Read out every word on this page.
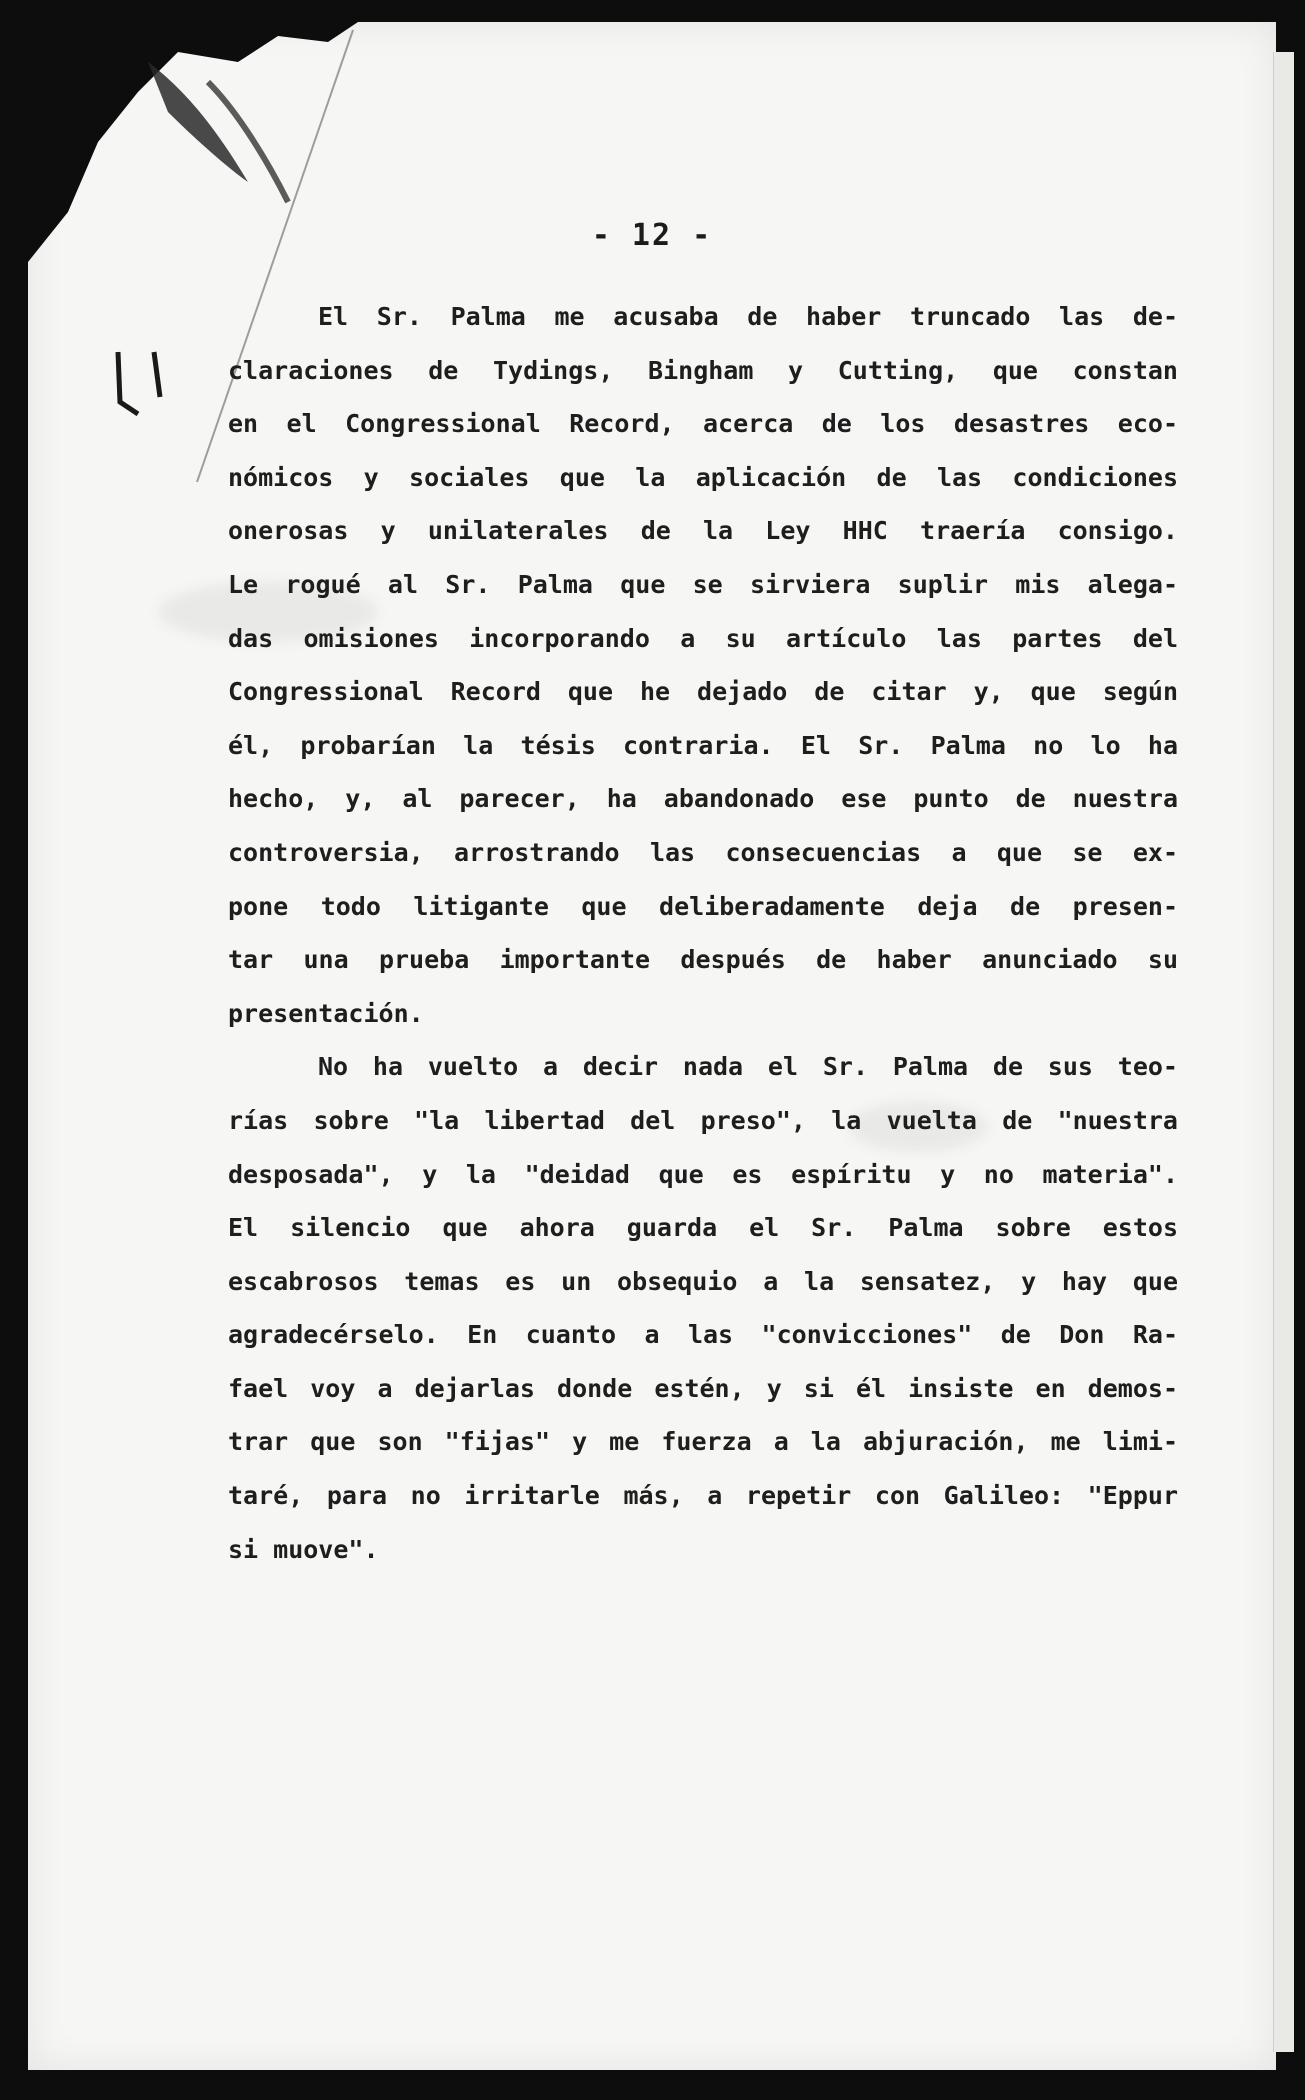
- 12 -
El Sr. Palma me acusaba de haber truncado las de-
claraciones de Tydings, Bingham y Cutting, que constan
en el Congressional Record, acerca de los desastres eco-
nómicos y sociales que la aplicación de las condiciones
onerosas y unilaterales de la Ley HHC traería consigo.
Le rogué al Sr. Palma que se sirviera suplir mis alega-
das omisiones incorporando a su artículo las partes del
Congressional Record que he dejado de citar y, que según
él, probarían la tésis contraria. El Sr. Palma no lo ha
hecho, y, al parecer, ha abandonado ese punto de nuestra
controversia, arrostrando las consecuencias a que se ex-
pone todo litigante que deliberadamente deja de presen-
tar una prueba importante después de haber anunciado su
presentación.
No ha vuelto a decir nada el Sr. Palma de sus teo-
rías sobre "la libertad del preso", la vuelta de "nuestra
desposada", y la "deidad que es espíritu y no materia".
El silencio que ahora guarda el Sr. Palma sobre estos
escabrosos temas es un obsequio a la sensatez, y hay que
agradecérselo. En cuanto a las "convicciones" de Don Ra-
fael voy a dejarlas donde estén, y si él insiste en demos-
trar que son "fijas" y me fuerza a la abjuración, me limi-
taré, para no irritarle más, a repetir con Galileo: "Eppur
si muove".
